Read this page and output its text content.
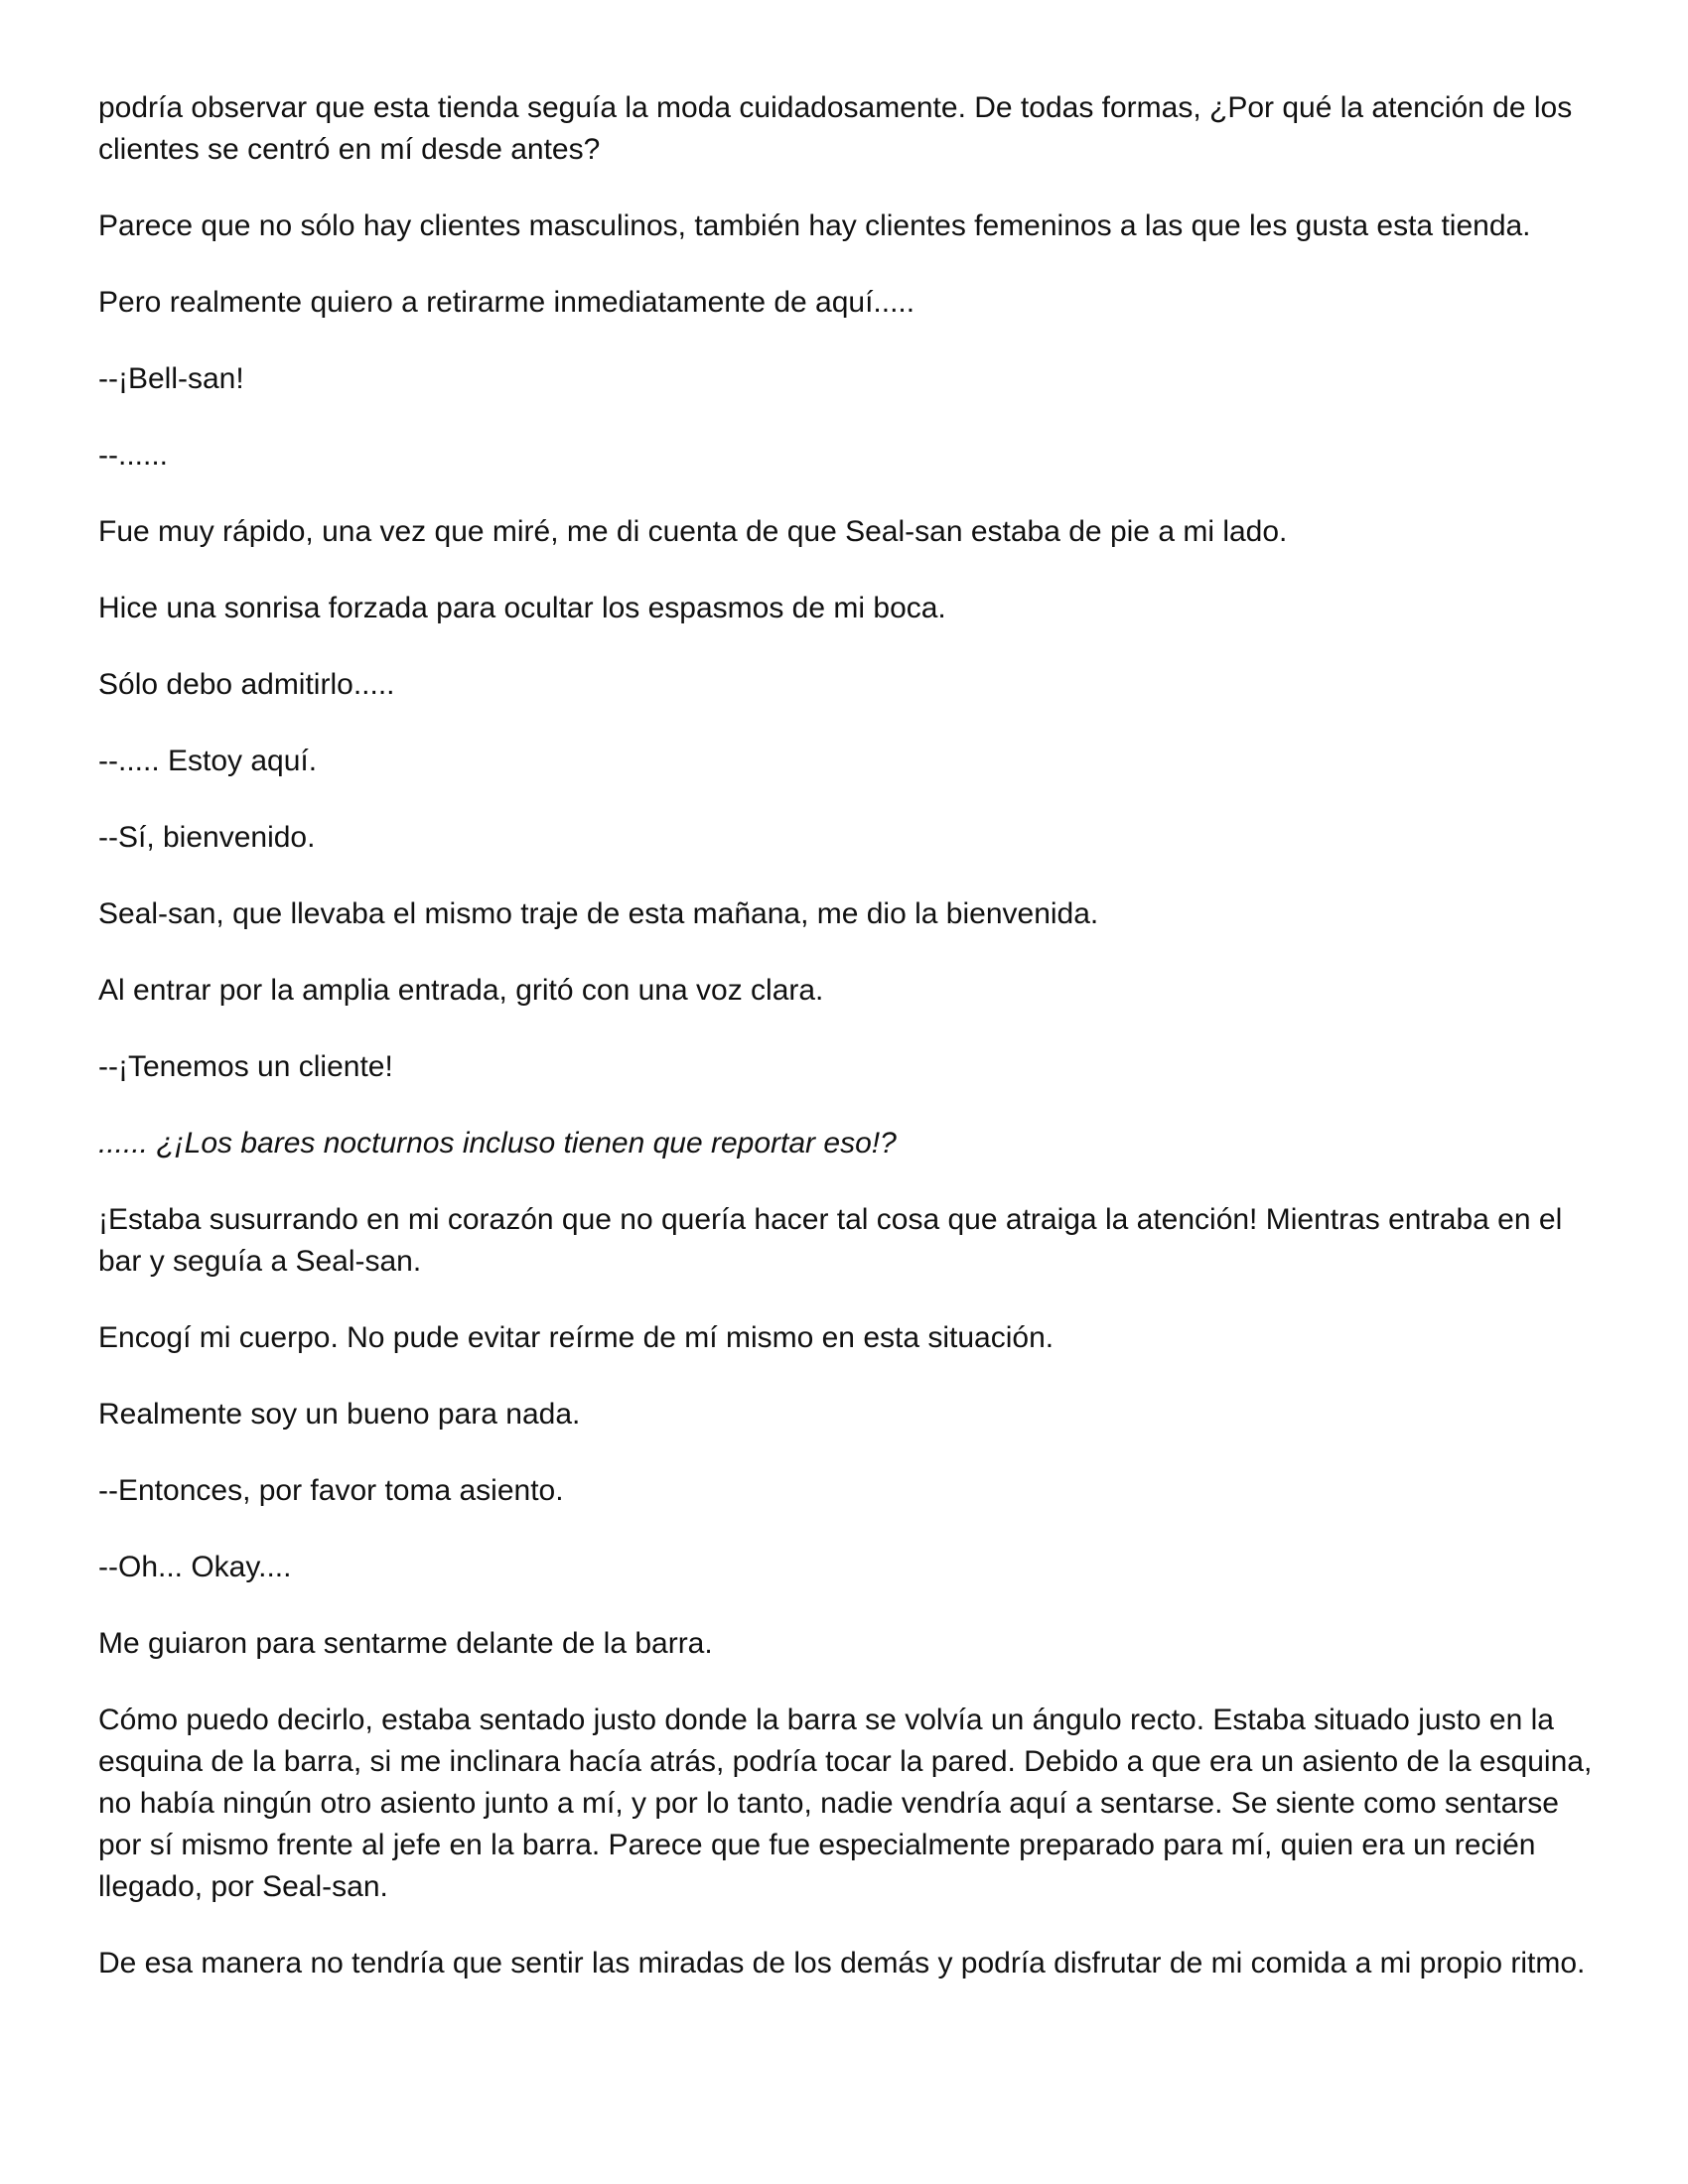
podría observar que esta tienda seguía la moda cuidadosamente. De todas formas, ¿Por qué la atención de los clientes se centró en mí desde antes?

Parece que no sólo hay clientes masculinos, también hay clientes femeninos a las que les gusta esta tienda.

Pero realmente quiero a retirarme inmediatamente de aquí.....

--¡Bell-san!

--......

Fue muy rápido, una vez que miré, me di cuenta de que Seal-san estaba de pie a mi lado.

Hice una sonrisa forzada para ocultar los espasmos de mi boca.

Sólo debo admitirlo.....

--..... Estoy aquí.

--Sí, bienvenido.

Seal-san, que llevaba el mismo traje de esta mañana, me dio la bienvenida.

Al entrar por la amplia entrada, gritó con una voz clara.

--¡Tenemos un cliente!

...... ¿¡Los bares nocturnos incluso tienen que reportar eso!?

¡Estaba susurrando en mi corazón que no quería hacer tal cosa que atraiga la atención! Mientras entraba en el bar y seguía a Seal-san.

Encogí mi cuerpo. No pude evitar reírme de mí mismo en esta situación.

Realmente soy un bueno para nada.

--Entonces, por favor toma asiento.

--Oh... Okay....

Me guiaron para sentarme delante de la barra.

Cómo puedo decirlo, estaba sentado justo donde la barra se volvía un ángulo recto. Estaba situado justo en la esquina de la barra, si me inclinara hacía atrás, podría tocar la pared. Debido a que era un asiento de la esquina, no había ningún otro asiento junto a mí, y por lo tanto, nadie vendría aquí a sentarse. Se siente como sentarse por sí mismo frente al jefe en la barra. Parece que fue especialmente preparado para mí, quien era un recién llegado, por Seal-san.

De esa manera no tendría que sentir las miradas de los demás y podría disfrutar de mi comida a mi propio ritmo.
